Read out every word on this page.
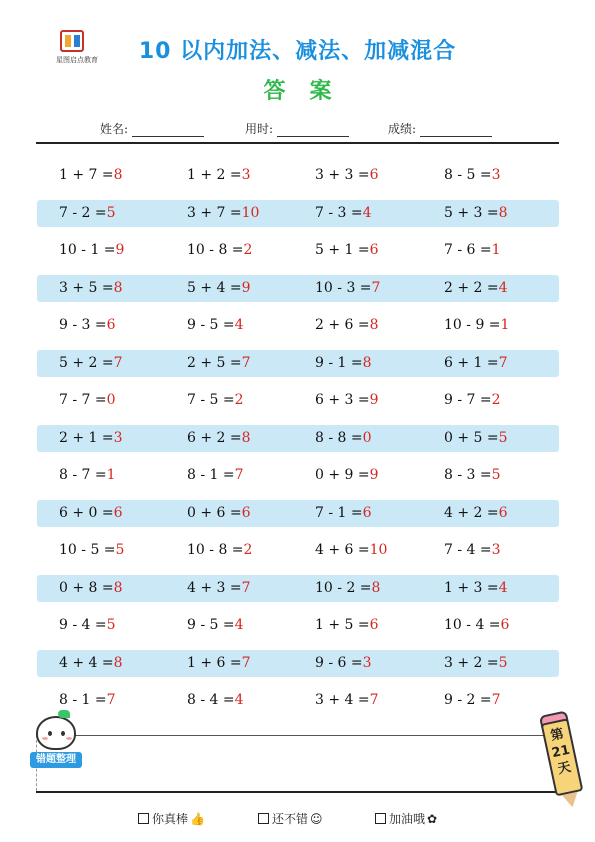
星图启点教育	10 以内加法、减法、加减混合
答案
姓名:	用时:	成绩:
1 + 7 =8	1 + 2 =3	3 + 3 =6	8 - 5 =3
7 - 2 =5	3 + 7 =10	7 - 3 =4	5 + 3 =8
10 - 1 =9	10 - 8 =2	5 + 1 =6	7 - 6 =1
3 + 5 =8	5 + 4 =9	10 - 3 =7	2 + 2 =4
9 - 3 =6	9 - 5 =4	2 + 6 =8	10 - 9 =1
5 + 2 =7	2 + 5 =7	9 - 1 =8	6 + 1 =7
7 - 7 =0	7 - 5 =2	6 + 3 =9	9 - 7 =2
2 + 1 =3	6 + 2 =8	8 - 8 =0	0 + 5 =5
8 - 7 =1	8 - 1 =7	0 + 9 =9	8 - 3 =5
6 + 0 =6	0 + 6 =6	7 - 1 =6	4 + 2 =6
10 - 5 =5	10 - 8 =2	4 + 6 =10	7 - 4 =3
0 + 8 =8	4 + 3 =7	10 - 2 =8	1 + 3 =4
9 - 4 =5	9 - 5 =4	1 + 5 =6	10 - 4 =6
4 + 4 =8	1 + 6 =7	9 - 6 =3	3 + 2 =5
8 - 1 =7	8 - 4 =4	3 + 4 =7	9 - 2 =7
错题整理
第21天
你真棒 👍	还不错 ☺	加油哦 ✿
